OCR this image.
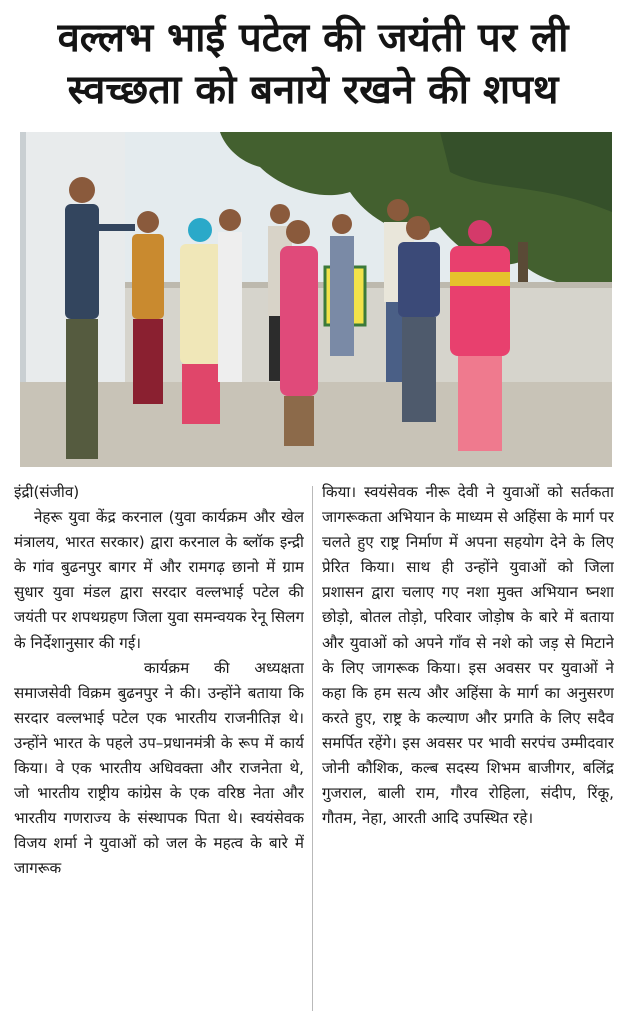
वल्लभ भाई पटेल की जयंती पर ली
स्वच्छता को बनाये रखने की शपथ

इंद्री(संजीव)

नेहरू युवा केंद्र करनाल (युवा कार्यक्रम और खेल मंत्रालय, भारत सरकार) द्वारा करनाल के ब्लॉक इन्द्री के गांव बुढनपुर बागर में और रामगढ़ छानो में ग्राम सुधार युवा मंडल द्वारा सरदार वल्लभाई पटेल की जयंती पर शपथग्रहण जिला युवा समन्वयक रेनू सिलग के निर्देशानुसार की गई।

कार्यक्रम की अध्यक्षता समाजसेवी विक्रम बुढनपुर ने की। उन्होंने बताया कि सरदार वल्लभाई पटेल एक भारतीय राजनीतिज्ञ थे। उन्होंने भारत के पहले उप–प्रधानमंत्री के रूप में कार्य किया। वे एक भारतीय अधिवक्ता और राजनेता थे, जो भारतीय राष्ट्रीय कांग्रेस के एक वरिष्ठ नेता और भारतीय गणराज्य के संस्थापक पिता थे। स्वयंसेवक विजय शर्मा ने युवाओं को जल के महत्व के बारे में जागरूक

किया। स्वयंसेवक नीरू देवी ने युवाओं को सर्तकता जागरूकता अभियान के माध्यम से अहिंसा के मार्ग पर चलते हुए राष्ट्र निर्माण में अपना सहयोग देने के लिए प्रेरित किया। साथ ही उन्होंने युवाओं को जिला प्रशासन द्वारा चलाए गए नशा मुक्त अभियान ष्नशा छोड़ो, बोतल तोड़ो, परिवार जोड़ोष के बारे में बताया और युवाओं को अपने गाँव से नशे को जड़ से मिटाने के लिए जागरूक किया। इस अवसर पर युवाओं ने कहा कि हम सत्य और अहिंसा के मार्ग का अनुसरण करते हुए, राष्ट्र के कल्याण और प्रगति के लिए सदैव समर्पित रहेंगे। इस अवसर पर भावी सरपंच उम्मीदवार जोनी कौशिक, कल्ब सदस्य शिभम बाजीगर, बलिंद्र गुजराल, बाली राम, गौरव रोहिला, संदीप, रिंकू, गौतम, नेहा, आरती आदि उपस्थित रहे।
